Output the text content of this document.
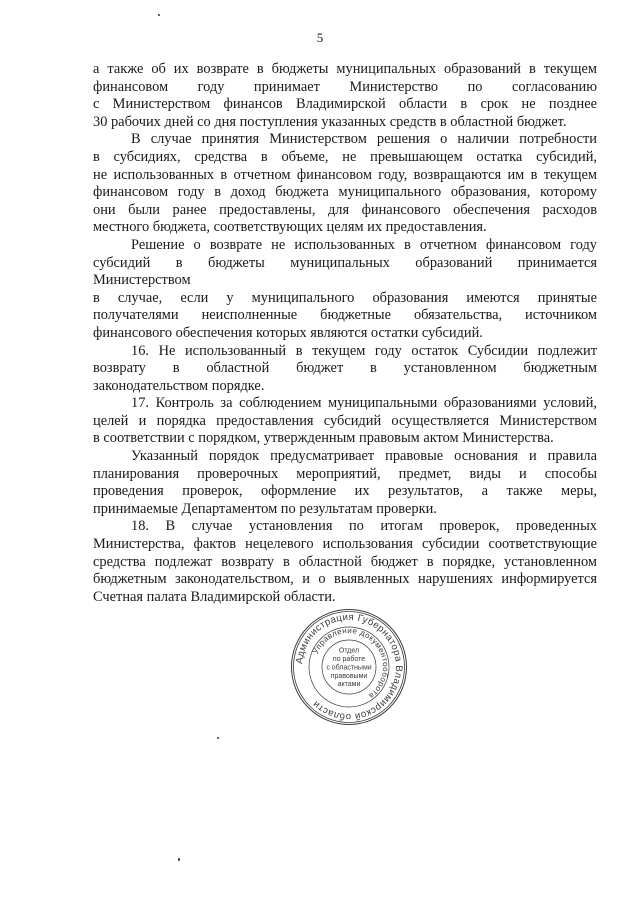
5
а также об их возврате в бюджеты муниципальных образований в текущем
финансовом году принимает Министерство по согласованию
с Министерством финансов Владимирской области в срок не позднее
30 рабочих дней со дня поступления указанных средств в областной бюджет.
В случае принятия Министерством решения о наличии потребности
в субсидиях, средства в объеме, не превышающем остатка субсидий,
не использованных в отчетном финансовом году, возвращаются им в текущем
финансовом году в доход бюджета муниципального образования, которому
они были ранее предоставлены, для финансового обеспечения расходов
местного бюджета, соответствующих целям их предоставления.
Решение о возврате не использованных в отчетном финансовом году
субсидий в бюджеты муниципальных образований принимается
Министерством
в случае, если у муниципального образования имеются принятые
получателями неисполненные бюджетные обязательства, источником
финансового обеспечения которых являются остатки субсидий.
16. Не использованный в текущем году остаток Субсидии подлежит
возврату в областной бюджет в установленном бюджетным
законодательством порядке.
17. Контроль за соблюдением муниципальными образованиями условий,
целей и порядка предоставления субсидий осуществляется Министерством
в соответствии с порядком, утвержденным правовым актом Министерства.
Указанный порядок предусматривает правовые основания и правила
планирования проверочных мероприятий, предмет, виды и способы
проведения проверок, оформление их результатов, а также меры,
принимаемые Департаментом по результатам проверки.
18. В случае установления по итогам проверок, проведенных
Министерства, фактов нецелевого использования субсидии соответствующие
средства подлежат возврату в областной бюджет в порядке, установленном
бюджетным законодательством, и о выявленных нарушениях информируется
Счетная палата Владимирской области.
Администрация Губернатора Владимирской области
Управление документооборота
Отдел
по работе
с областными
правовыми
актами
